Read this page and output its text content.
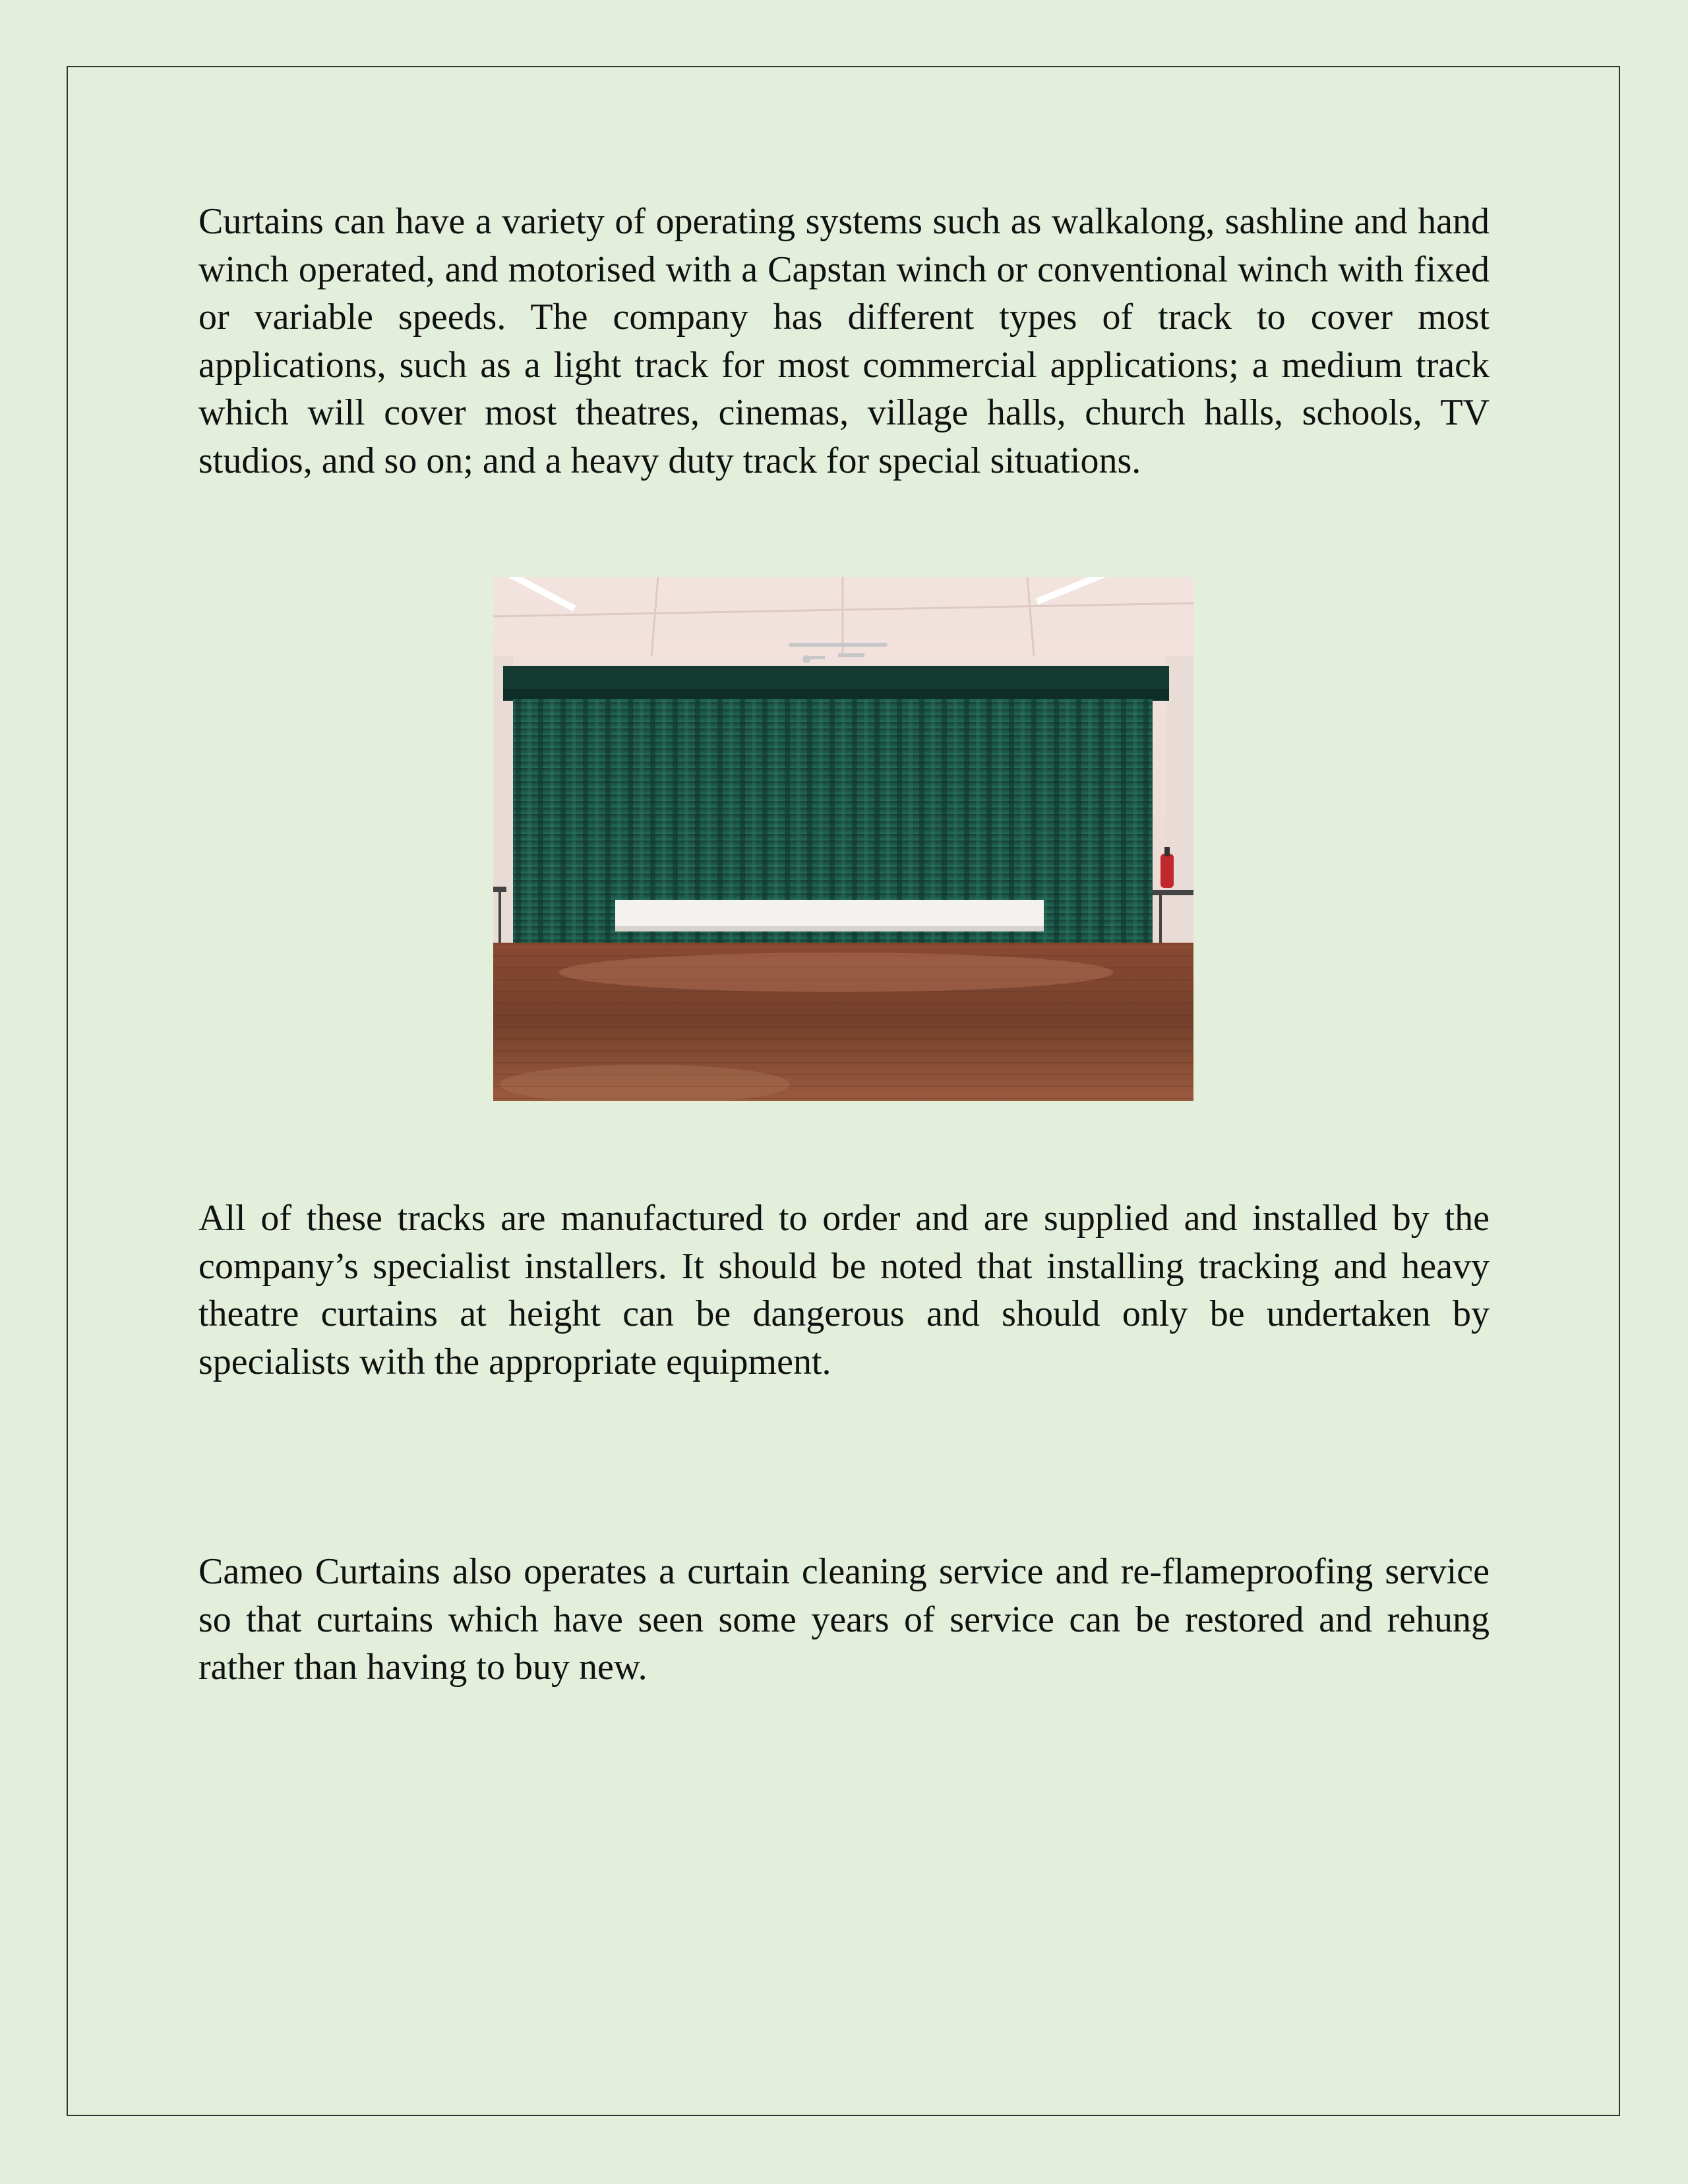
Curtains can have a variety of operating systems such as walkalong, sashline and hand winch operated, and motorised with a Capstan winch or conventional winch with fixed or variable speeds. The company has different types of track to cover most applications, such as a light track for most commercial applications; a medium track which will cover most theatres, cinemas, village halls, church halls, schools, TV studios, and so on; and a heavy duty track for special situations.

All of these tracks are manufactured to order and are supplied and installed by the company’s specialist installers. It should be noted that installing tracking and heavy theatre curtains at height can be dangerous and should only be undertaken by specialists with the appropriate equipment.

Cameo Curtains also operates a curtain cleaning service and re-flameproofing service so that curtains which have seen some years of service can be restored and rehung rather than having to buy new.
